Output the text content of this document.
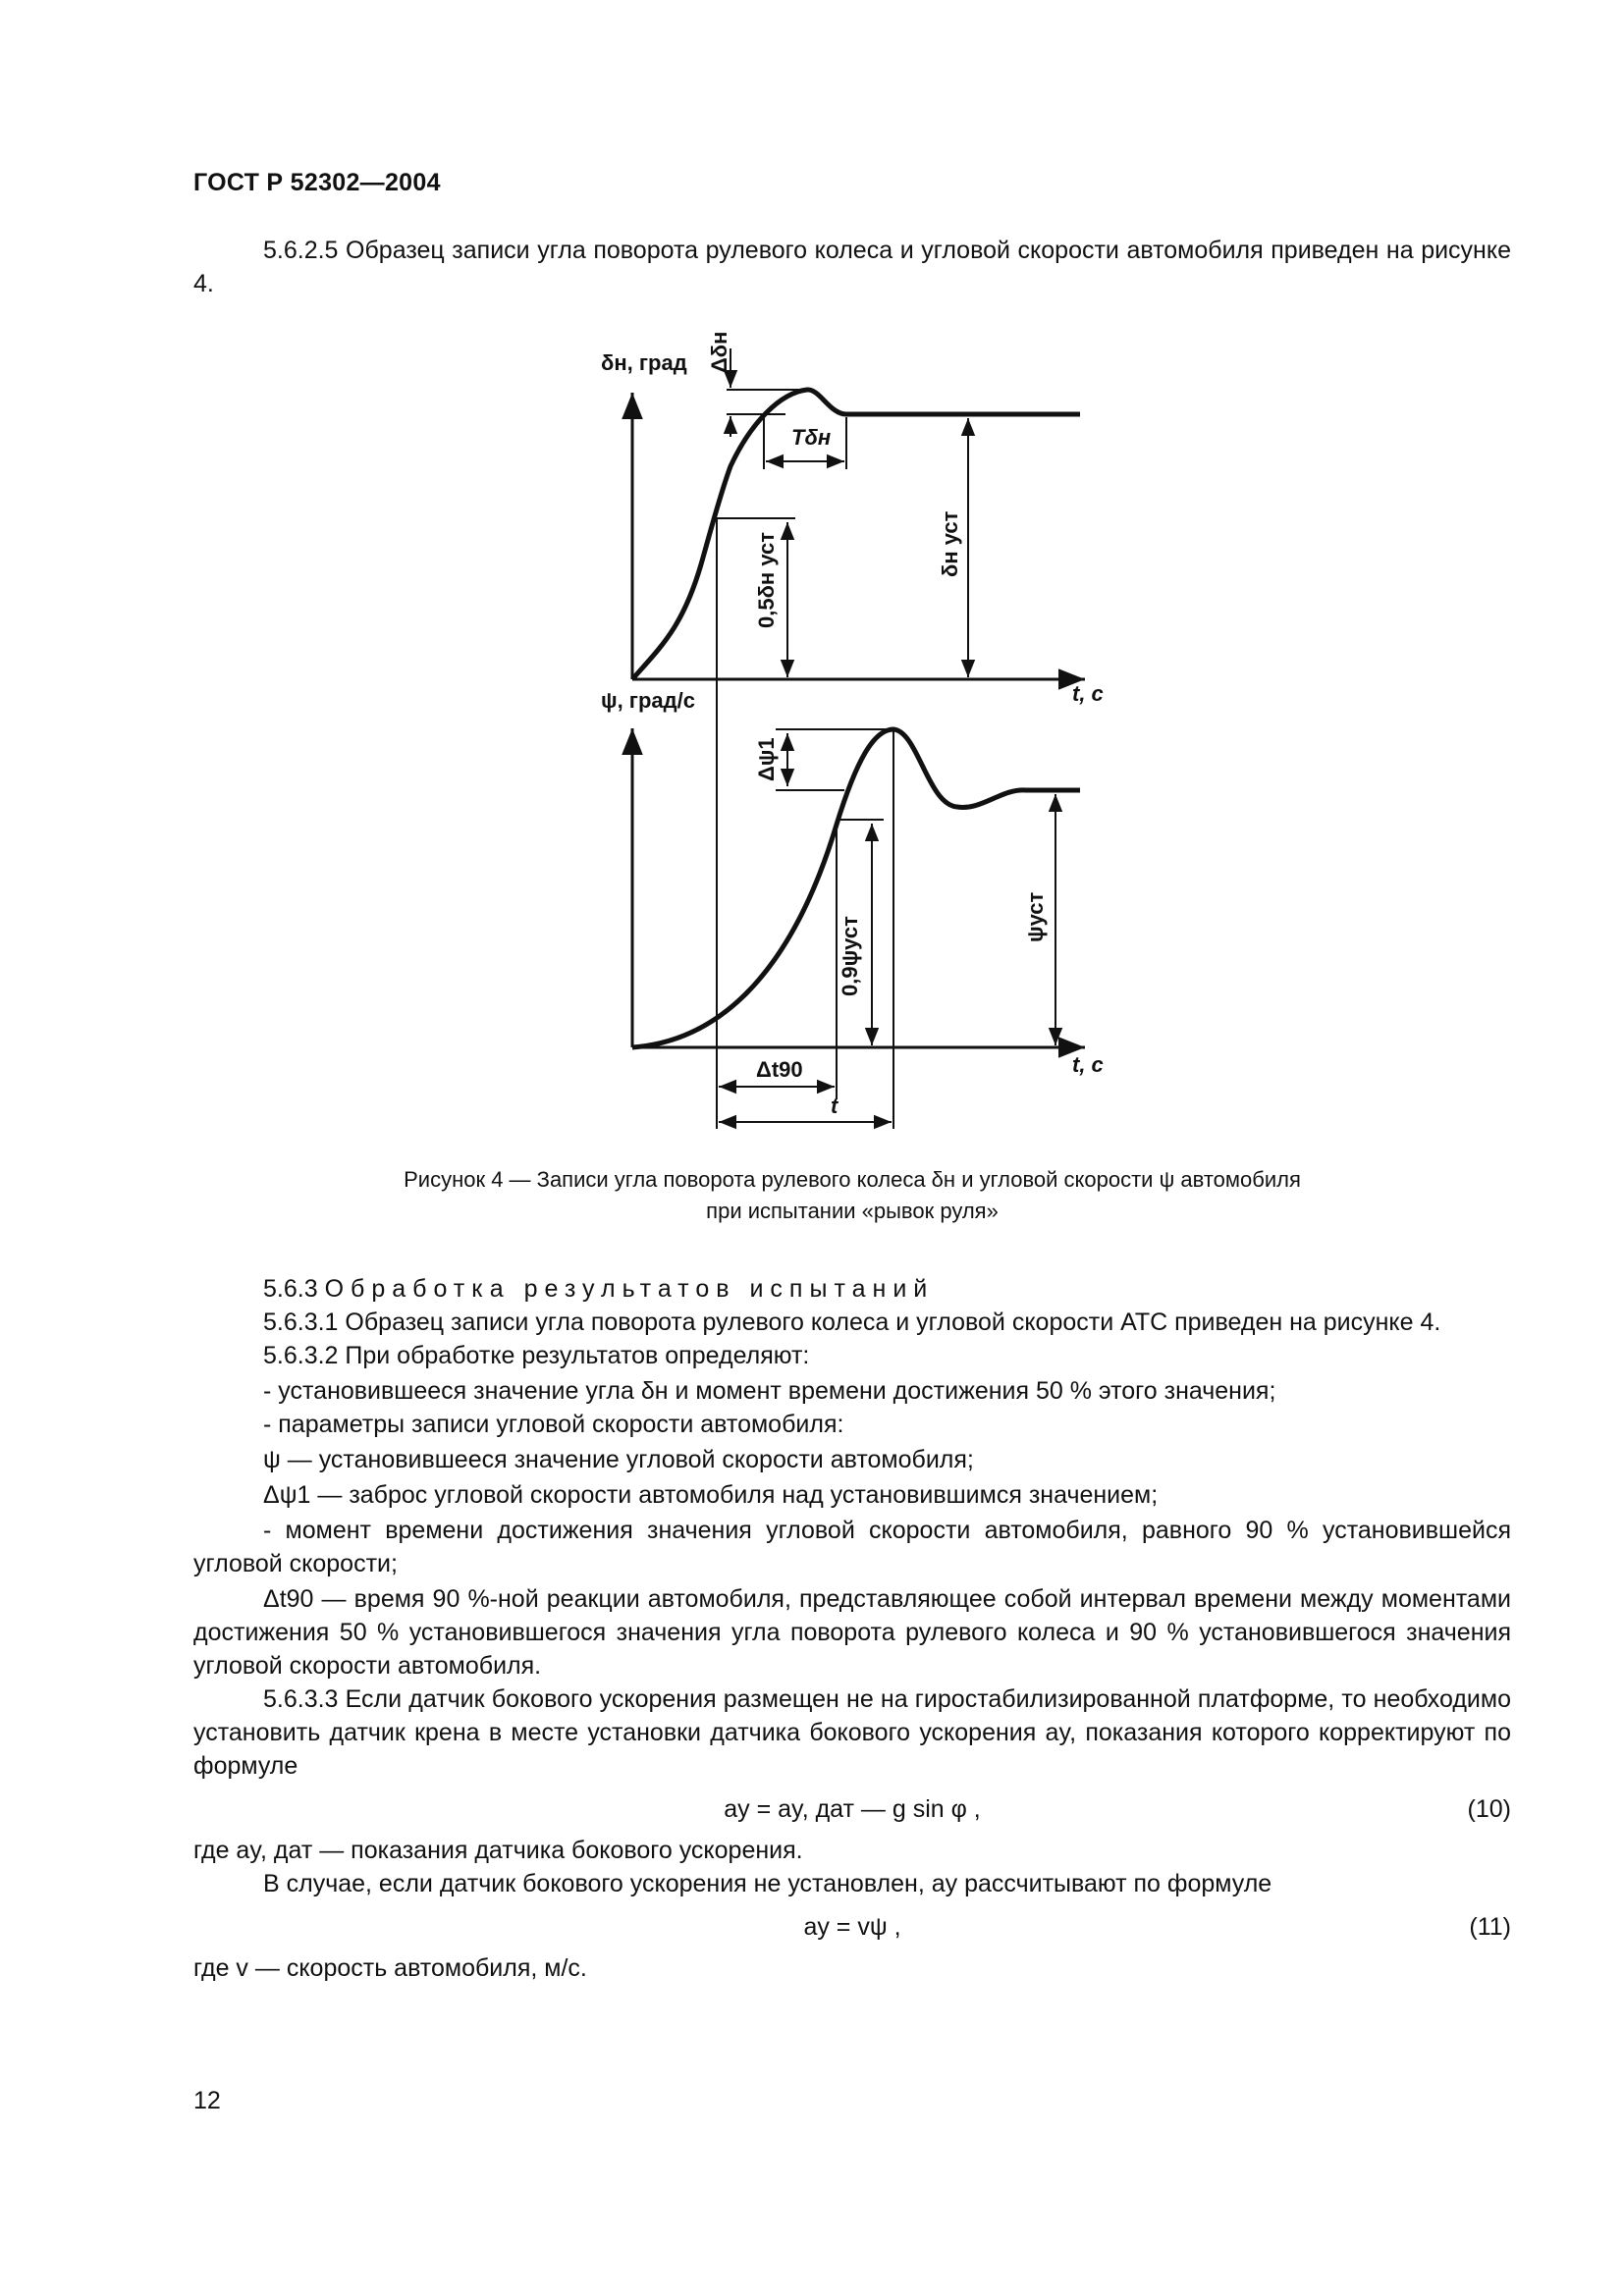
ГОСТ Р 52302—2004

5.6.2.5 Образец записи угла поворота рулевого колеса и угловой скорости автомобиля приведен на рисунке 4.

δн, град
ψ, град/с	t, с
t, с
Δδн
Tδн
0,5δн уст	δн уст
Δψ1
0,9ψуст	ψуст
Δt90
t
Рисунок 4 — Записи угла поворота рулевого колеса δн и угловой скорости ψ автомобиля
при испытании «рывок руля»

5.6.3 Обработка результатов испытаний

5.6.3.1 Образец записи угла поворота рулевого колеса и угловой скорости АТС приведен на рисунке 4.

5.6.3.2 При обработке результатов определяют:

- установившееся значение угла δн и момент времени достижения 50 % этого значения;

- параметры записи угловой скорости автомобиля:

ψ — установившееся значение угловой скорости автомобиля;

Δψ1 — заброс угловой скорости автомобиля над установившимся значением;

- момент времени достижения значения угловой скорости автомобиля, равного 90 % установившейся угловой скорости;

Δt90 — время 90 %-ной реакции автомобиля, представляющее собой интервал времени между моментами достижения 50 % установившегося значения угла поворота рулевого колеса и 90 % установившегося значения угловой скорости автомобиля.

5.6.3.3 Если датчик бокового ускорения размещен не на гиростабилизированной платформе, то необходимо установить датчик крена в месте установки датчика бокового ускорения ay, показания которого корректируют по формуле

ay = ay, дат — g sin φ ,	(10)

где ay, дат — показания датчика бокового ускорения.

В случае, если датчик бокового ускорения не установлен, ay рассчитывают по формуле

ay = vψ ,	(11)

где v — скорость автомобиля, м/с.

12
